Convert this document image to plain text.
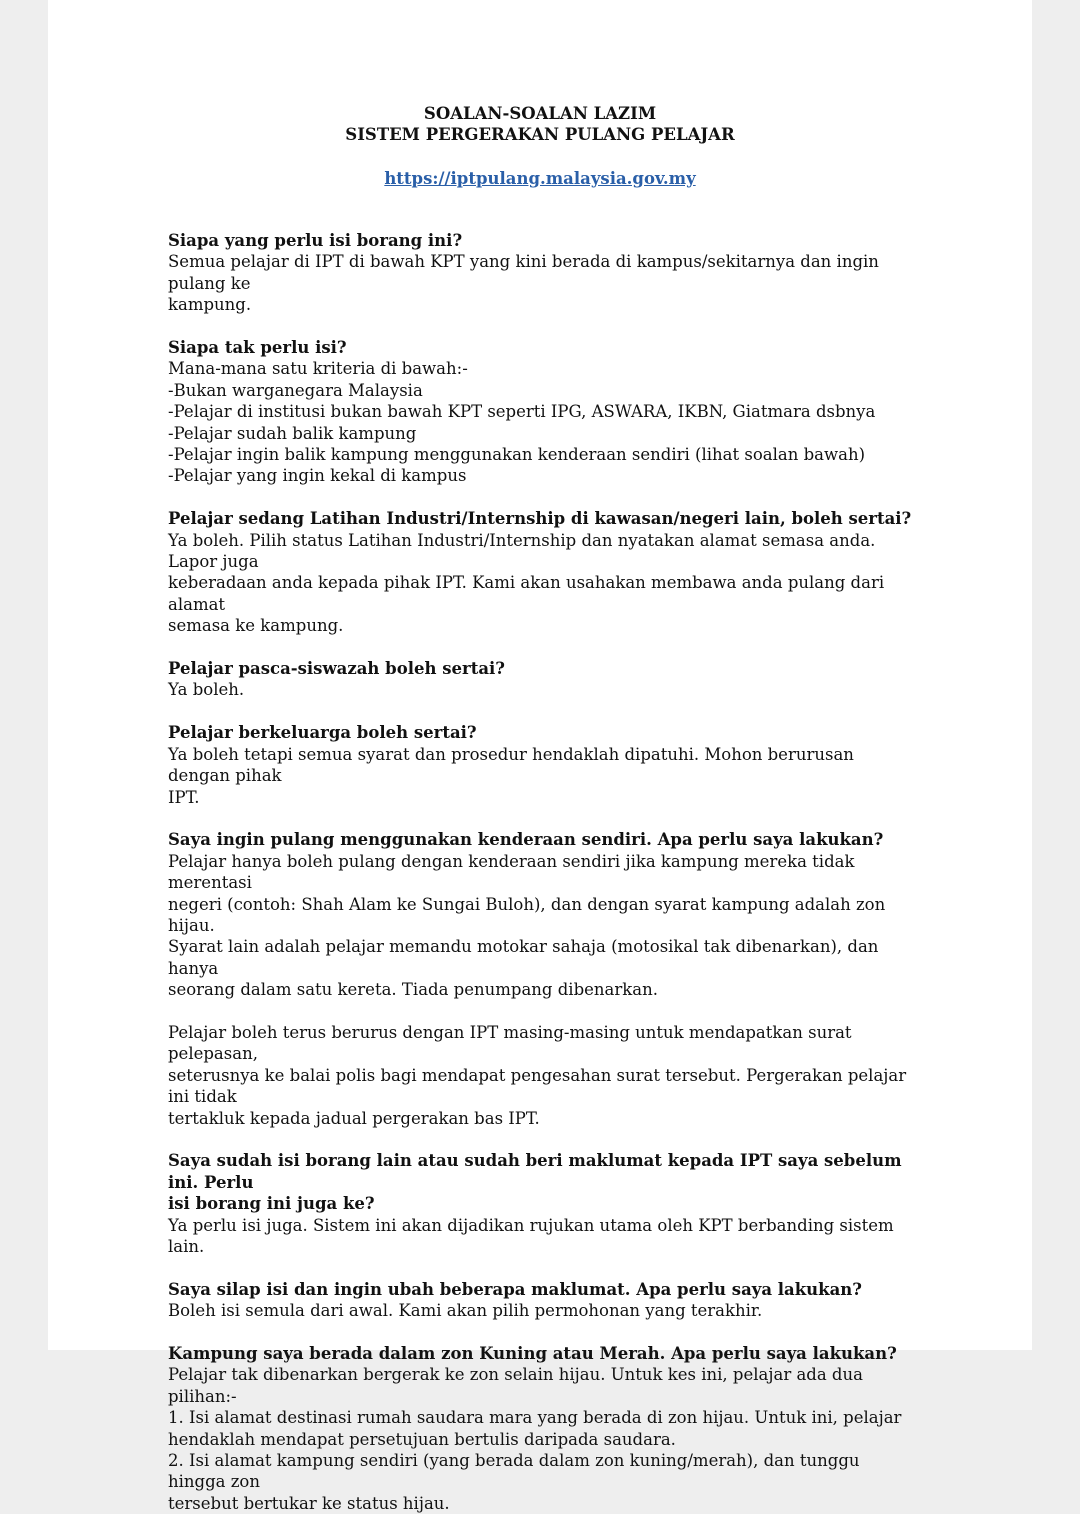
SOALAN-SOALAN LAZIM
SISTEM PERGERAKAN PULANG PELAJAR
https://iptpulang.malaysia.gov.my

Siapa yang perlu isi borang ini?

Semua pelajar di IPT di bawah KPT yang kini berada di kampus/sekitarnya dan ingin pulang ke
kampung.

Siapa tak perlu isi?

Mana-mana satu kriteria di bawah:-
-Bukan warganegara Malaysia
-Pelajar di institusi bukan bawah KPT seperti IPG, ASWARA, IKBN, Giatmara dsbnya
-Pelajar sudah balik kampung
-Pelajar ingin balik kampung menggunakan kenderaan sendiri (lihat soalan bawah)
-Pelajar yang ingin kekal di kampus

Pelajar sedang Latihan Industri/Internship di kawasan/negeri lain, boleh sertai?

Ya boleh. Pilih status Latihan Industri/Internship dan nyatakan alamat semasa anda. Lapor juga
keberadaan anda kepada pihak IPT. Kami akan usahakan membawa anda pulang dari alamat
semasa ke kampung.

Pelajar pasca-siswazah boleh sertai?

Ya boleh.

Pelajar berkeluarga boleh sertai?

Ya boleh tetapi semua syarat dan prosedur hendaklah dipatuhi. Mohon berurusan dengan pihak
IPT.

Saya ingin pulang menggunakan kenderaan sendiri. Apa perlu saya lakukan?

Pelajar hanya boleh pulang dengan kenderaan sendiri jika kampung mereka tidak merentasi
negeri (contoh: Shah Alam ke Sungai Buloh), dan dengan syarat kampung adalah zon hijau.
Syarat lain adalah pelajar memandu motokar sahaja (motosikal tak dibenarkan), dan hanya
seorang dalam satu kereta. Tiada penumpang dibenarkan.

Pelajar boleh terus berurus dengan IPT masing-masing untuk mendapatkan surat pelepasan,
seterusnya ke balai polis bagi mendapat pengesahan surat tersebut. Pergerakan pelajar ini tidak
tertakluk kepada jadual pergerakan bas IPT.

Saya sudah isi borang lain atau sudah beri maklumat kepada IPT saya sebelum ini. Perlu
isi borang ini juga ke?

Ya perlu isi juga. Sistem ini akan dijadikan rujukan utama oleh KPT berbanding sistem lain.

Saya silap isi dan ingin ubah beberapa maklumat. Apa perlu saya lakukan?

Boleh isi semula dari awal. Kami akan pilih permohonan yang terakhir.

Kampung saya berada dalam zon Kuning atau Merah. Apa perlu saya lakukan?

Pelajar tak dibenarkan bergerak ke zon selain hijau. Untuk kes ini, pelajar ada dua pilihan:-
1. Isi alamat destinasi rumah saudara mara yang berada di zon hijau. Untuk ini, pelajar
hendaklah mendapat persetujuan bertulis daripada saudara.
2. Isi alamat kampung sendiri (yang berada dalam zon kuning/merah), dan tunggu hingga zon
tersebut bertukar ke status hijau.
